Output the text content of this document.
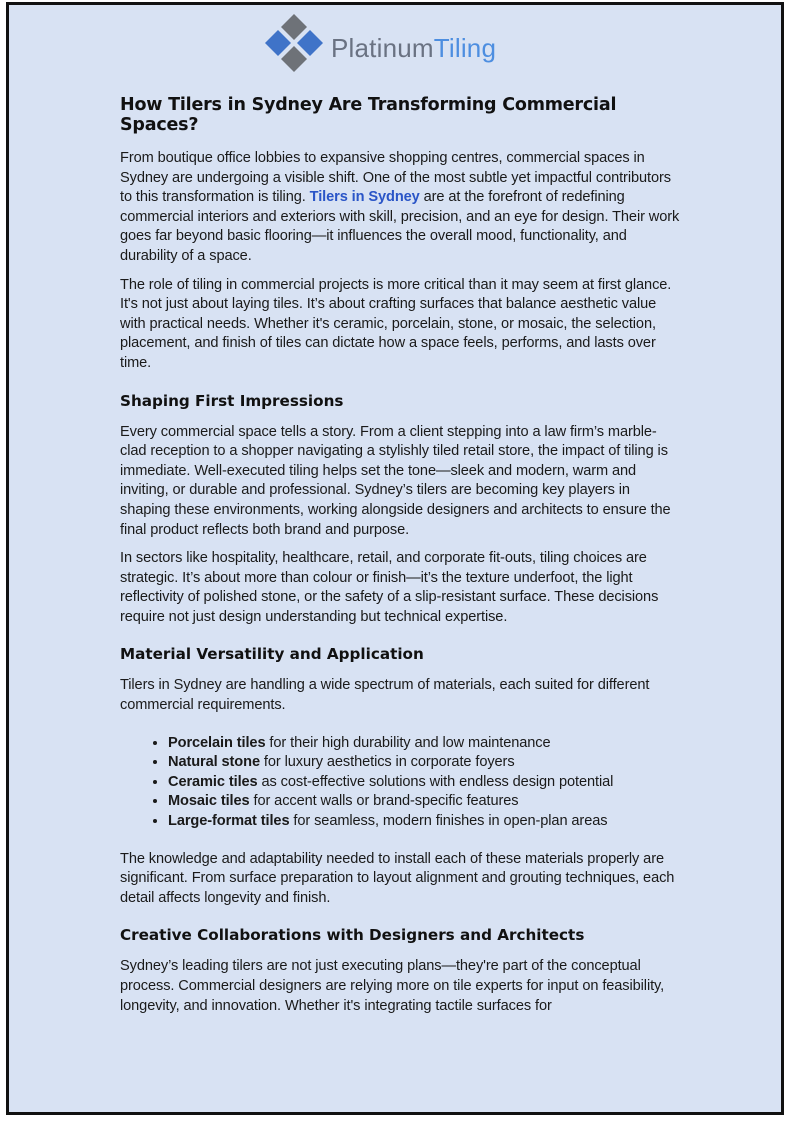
PlatinumTiling
How Tilers in Sydney Are Transforming Commercial Spaces?

From boutique office lobbies to expansive shopping centres, commercial spaces in Sydney are undergoing a visible shift. One of the most subtle yet impactful contributors to this transformation is tiling. Tilers in Sydney are at the forefront of redefining commercial interiors and exteriors with skill, precision, and an eye for design. Their work goes far beyond basic flooring—it influences the overall mood, functionality, and durability of a space.

The role of tiling in commercial projects is more critical than it may seem at first glance. It's not just about laying tiles. It’s about crafting surfaces that balance aesthetic value with practical needs. Whether it's ceramic, porcelain, stone, or mosaic, the selection, placement, and finish of tiles can dictate how a space feels, performs, and lasts over time.

Shaping First Impressions

Every commercial space tells a story. From a client stepping into a law firm’s marble-clad reception to a shopper navigating a stylishly tiled retail store, the impact of tiling is immediate. Well-executed tiling helps set the tone—sleek and modern, warm and inviting, or durable and professional. Sydney’s tilers are becoming key players in shaping these environments, working alongside designers and architects to ensure the final product reflects both brand and purpose.

In sectors like hospitality, healthcare, retail, and corporate fit-outs, tiling choices are strategic. It’s about more than colour or finish—it’s the texture underfoot, the light reflectivity of polished stone, or the safety of a slip-resistant surface. These decisions require not just design understanding but technical expertise.

Material Versatility and Application

Tilers in Sydney are handling a wide spectrum of materials, each suited for different commercial requirements.

• Porcelain tiles for their high durability and low maintenance
• Natural stone for luxury aesthetics in corporate foyers
• Ceramic tiles as cost-effective solutions with endless design potential
• Mosaic tiles for accent walls or brand-specific features
• Large-format tiles for seamless, modern finishes in open-plan areas

The knowledge and adaptability needed to install each of these materials properly are significant. From surface preparation to layout alignment and grouting techniques, each detail affects longevity and finish.

Creative Collaborations with Designers and Architects

Sydney’s leading tilers are not just executing plans—they're part of the conceptual process. Commercial designers are relying more on tile experts for input on feasibility, longevity, and innovation. Whether it's integrating tactile surfaces for
